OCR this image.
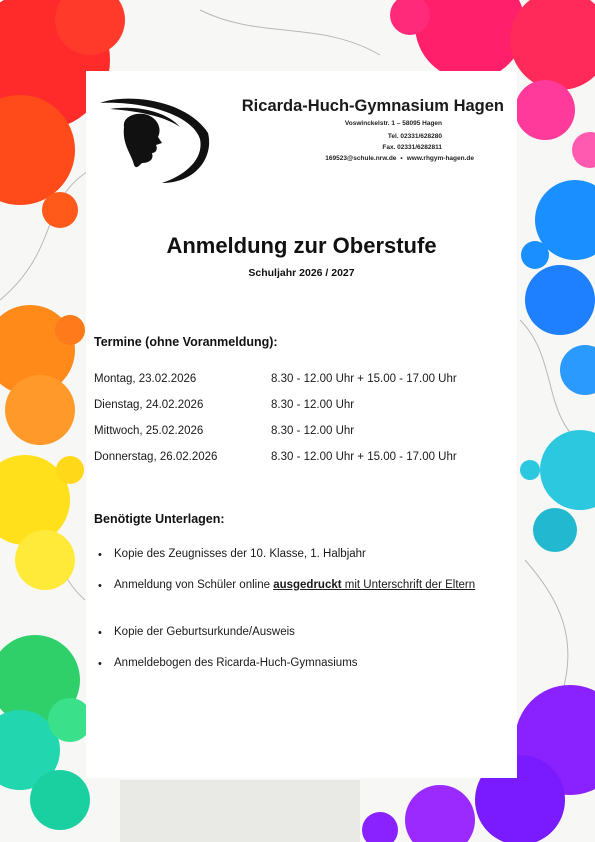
Ricarda-Huch-Gymnasium Hagen
Voswinckelstr. 1 – 58095 Hagen
Tel. 02331/628280
Fax. 02331/6282811
169523@schule.nrw.de • www.rhgym-hagen.de
Anmeldung zur Oberstufe
Schuljahr 2026 / 2027
Termine (ohne Voranmeldung):
Montag, 23.02.2026	8.30 - 12.00 Uhr + 15.00 - 17.00 Uhr
Dienstag, 24.02.2026	8.30 - 12.00 Uhr
Mittwoch, 25.02.2026	8.30 - 12.00 Uhr
Donnerstag, 26.02.2026	8.30 - 12.00 Uhr + 15.00 - 17.00 Uhr
Benötigte Unterlagen:
• Kopie des Zeugnisses der 10. Klasse, 1. Halbjahr
• Anmeldung von Schüler online ausgedruckt mit Unterschrift der Eltern
• Kopie der Geburtsurkunde/Ausweis
• Anmeldebogen des Ricarda-Huch-Gymnasiums
